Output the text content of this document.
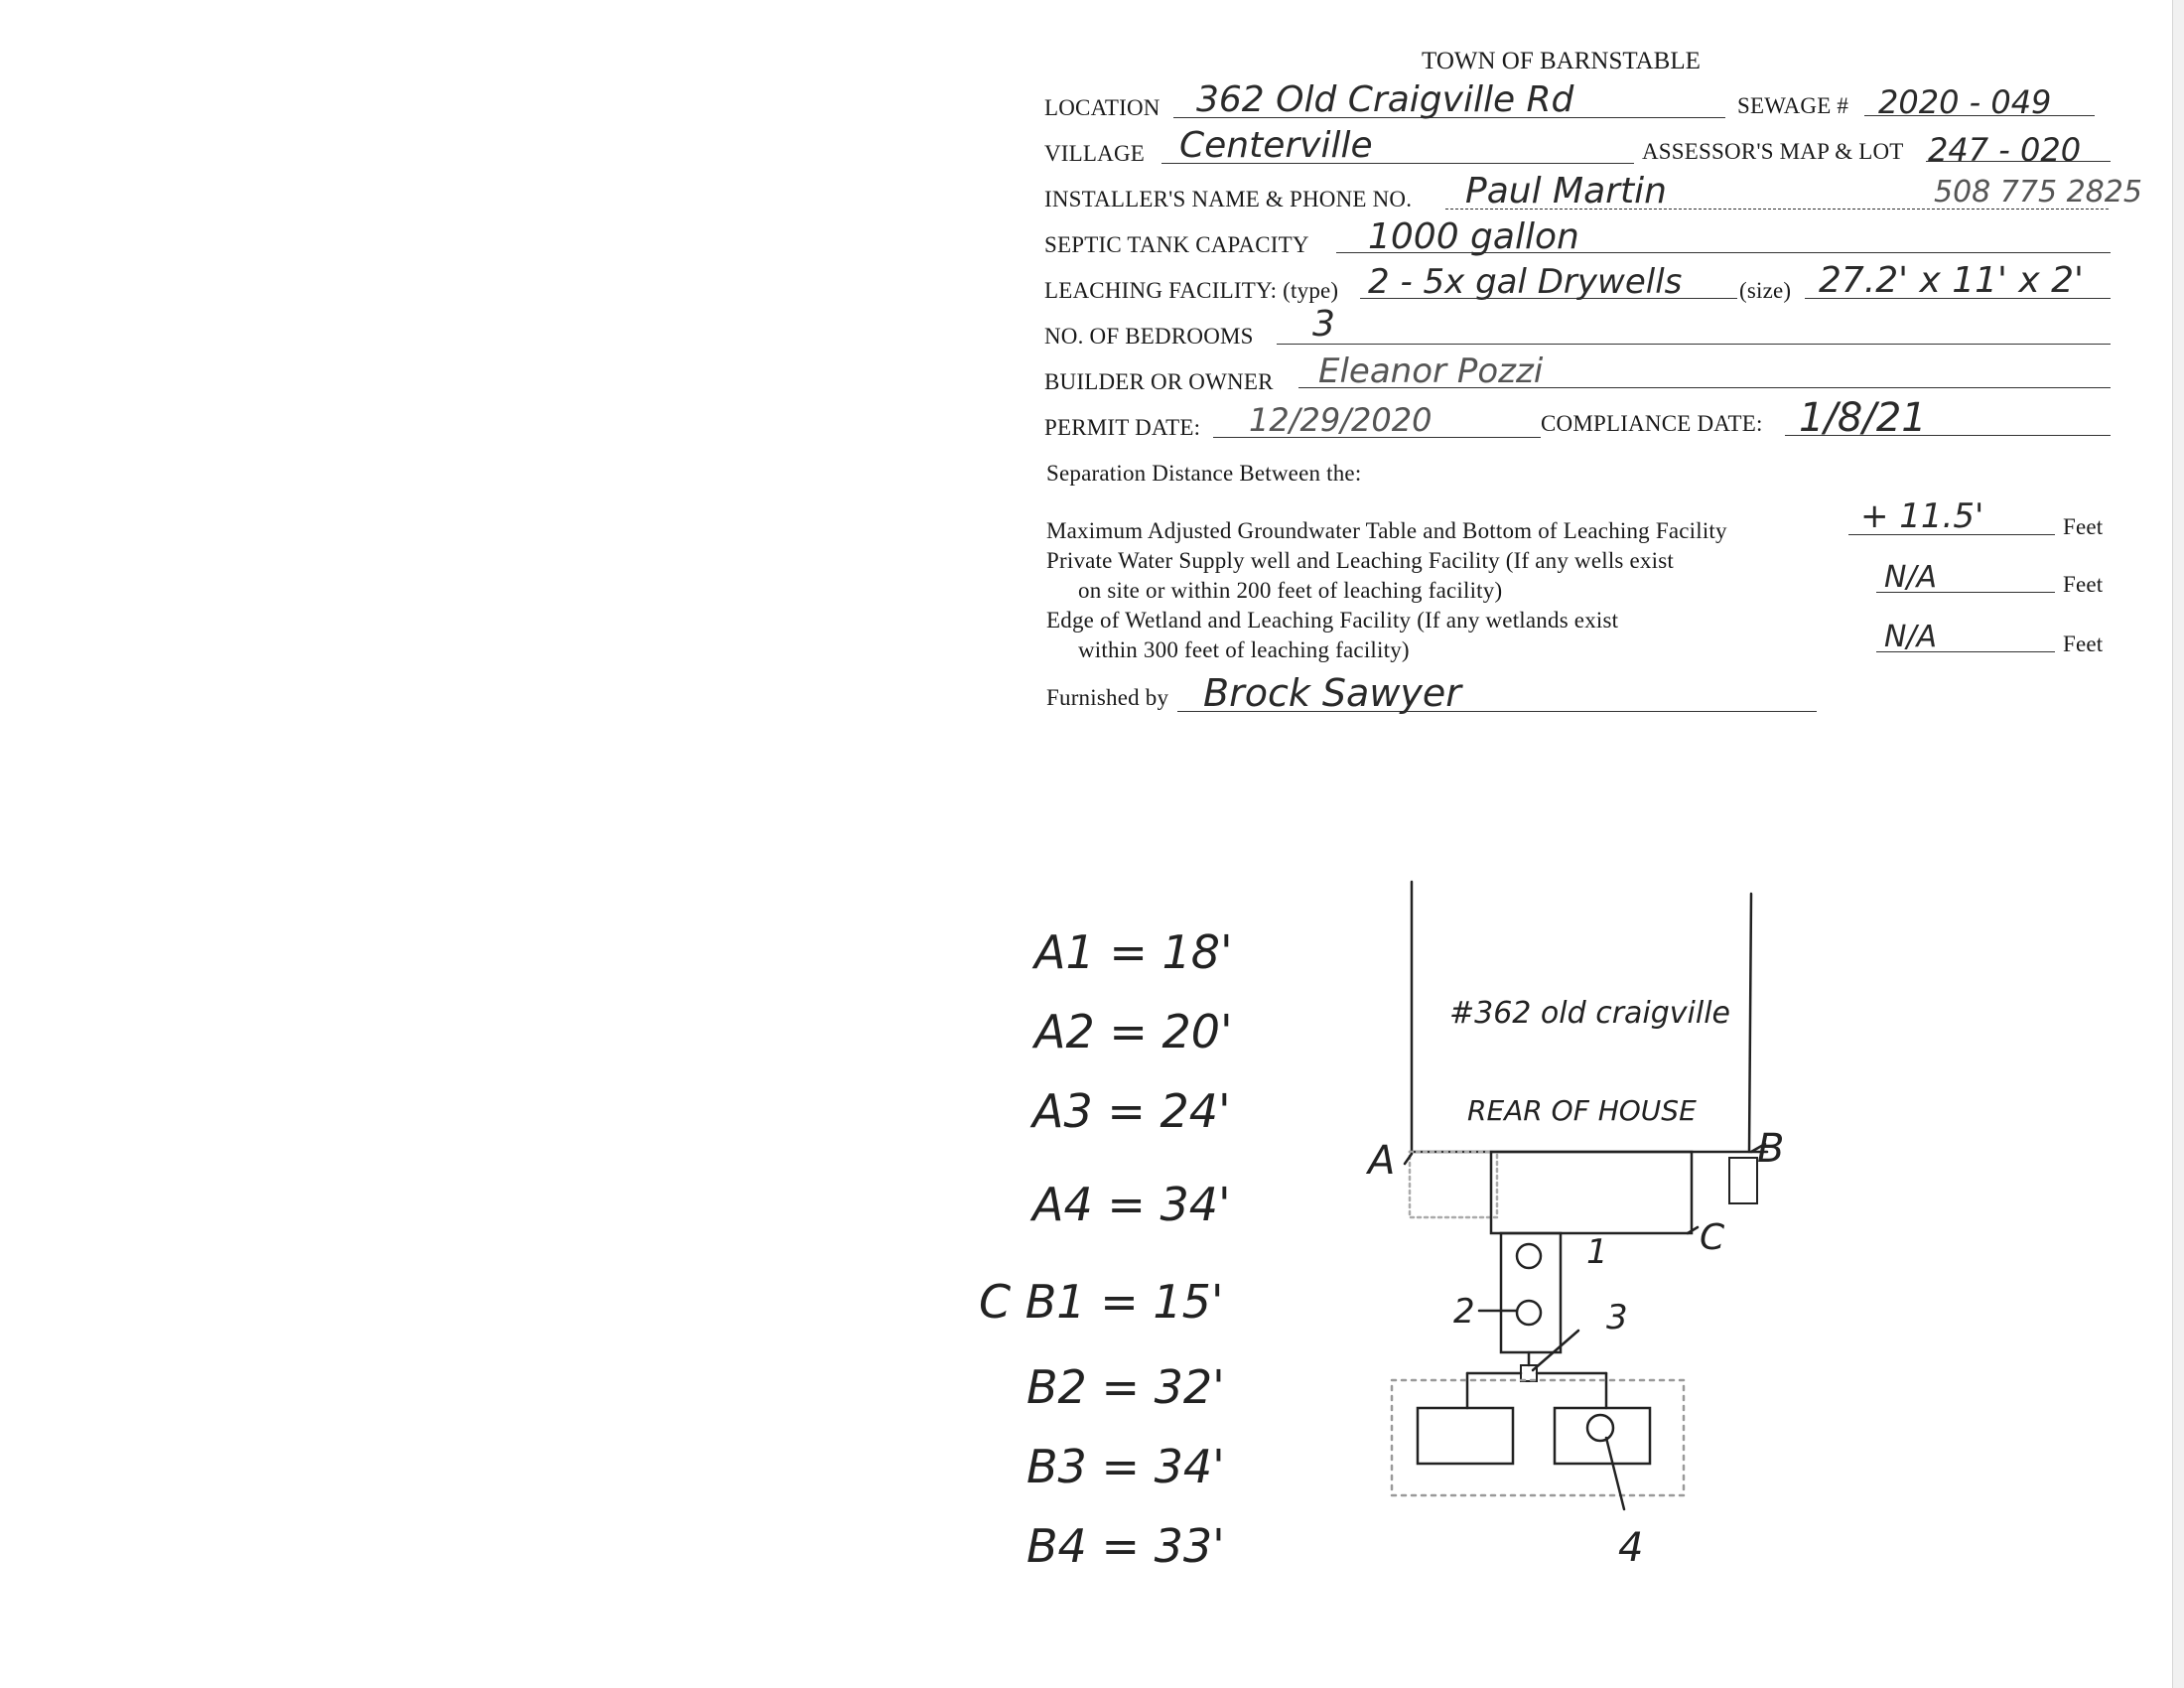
TOWN OF BARNSTABLE
LOCATION 362 Old Craigville Rd	SEWAGE # 2020 - 049
VILLAGE Centerville	ASSESSOR'S MAP & LOT 247 - 020
INSTALLER'S NAME & PHONE NO. Paul Martin	508 775 2825
SEPTIC TANK CAPACITY 1000 gallon
LEACHING FACILITY: (type) 2 - 5x gal Drywells	(size) 27.2' x 11' x 2'
NO. OF BEDROOMS 3
BUILDER OR OWNER Eleanor Pozzi
PERMIT DATE: 12/29/2020	COMPLIANCE DATE: 1/8/21
Separation Distance Between the:
Maximum Adjusted Groundwater Table and Bottom of Leaching Facility	+ 11.5'	Feet
Private Water Supply well and Leaching Facility (If any wells exist
on site or within 200 feet of leaching facility)	N/A	Feet
Edge of Wetland and Leaching Facility (If any wetlands exist
within 300 feet of leaching facility)	N/A	Feet
Furnished by Brock Sawyer
A1 = 18'
A2 = 20'
A3 = 24'
A4 = 34'
C B1 = 15'
B2 = 32'
B3 = 34'
B4 = 33'
#362 old craigville
REAR OF HOUSE
A	B
C
1
2	3
4
